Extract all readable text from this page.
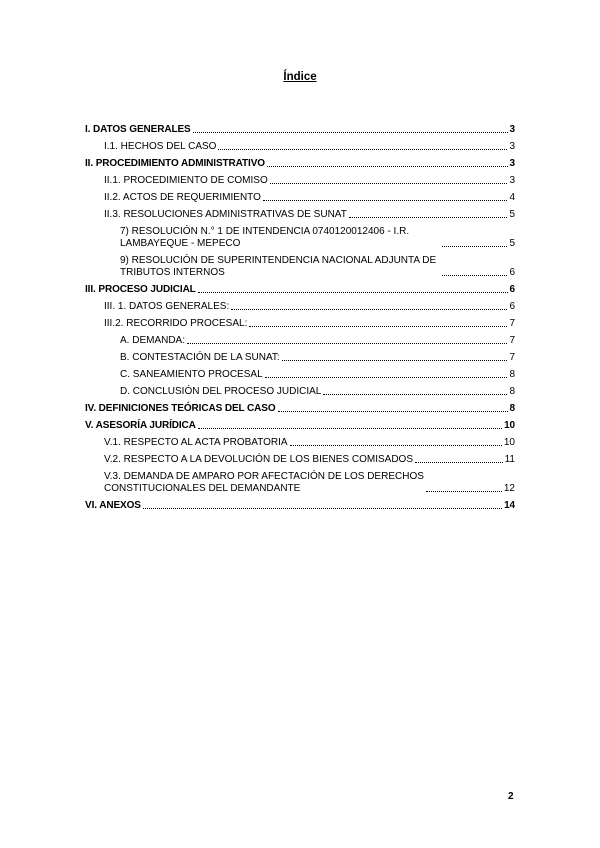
Índice
I. DATOS GENERALES	3
I.1. HECHOS DEL CASO	3
II. PROCEDIMIENTO ADMINISTRATIVO	3
II.1. PROCEDIMIENTO DE COMISO	3
II.2. ACTOS DE REQUERIMIENTO	4
II.3. RESOLUCIONES ADMINISTRATIVAS DE SUNAT	5
7) RESOLUCIÓN N.° 1 DE INTENDENCIA 0740120012406 - I.R. LAMBAYEQUE - MEPECO	5
9) RESOLUCIÓN DE SUPERINTENDENCIA NACIONAL ADJUNTA DE TRIBUTOS INTERNOS	6
III. PROCESO JUDICIAL	6
III. 1. DATOS GENERALES:	6
III.2. RECORRIDO PROCESAL:	7
A. DEMANDA:	7
B. CONTESTACIÓN DE LA SUNAT:	7
C. SANEAMIENTO PROCESAL	8
D. CONCLUSIÓN DEL PROCESO JUDICIAL	8
IV. DEFINICIONES TEÓRICAS DEL CASO	8
V. ASESORÍA JURÍDICA	10
V.1. RESPECTO AL ACTA PROBATORIA	10
V.2. RESPECTO A LA DEVOLUCIÓN DE LOS BIENES COMISADOS	11
V.3. DEMANDA DE AMPARO POR AFECTACIÓN DE LOS DERECHOS CONSTITUCIONALES DEL DEMANDANTE	12
VI. ANEXOS	14
2
